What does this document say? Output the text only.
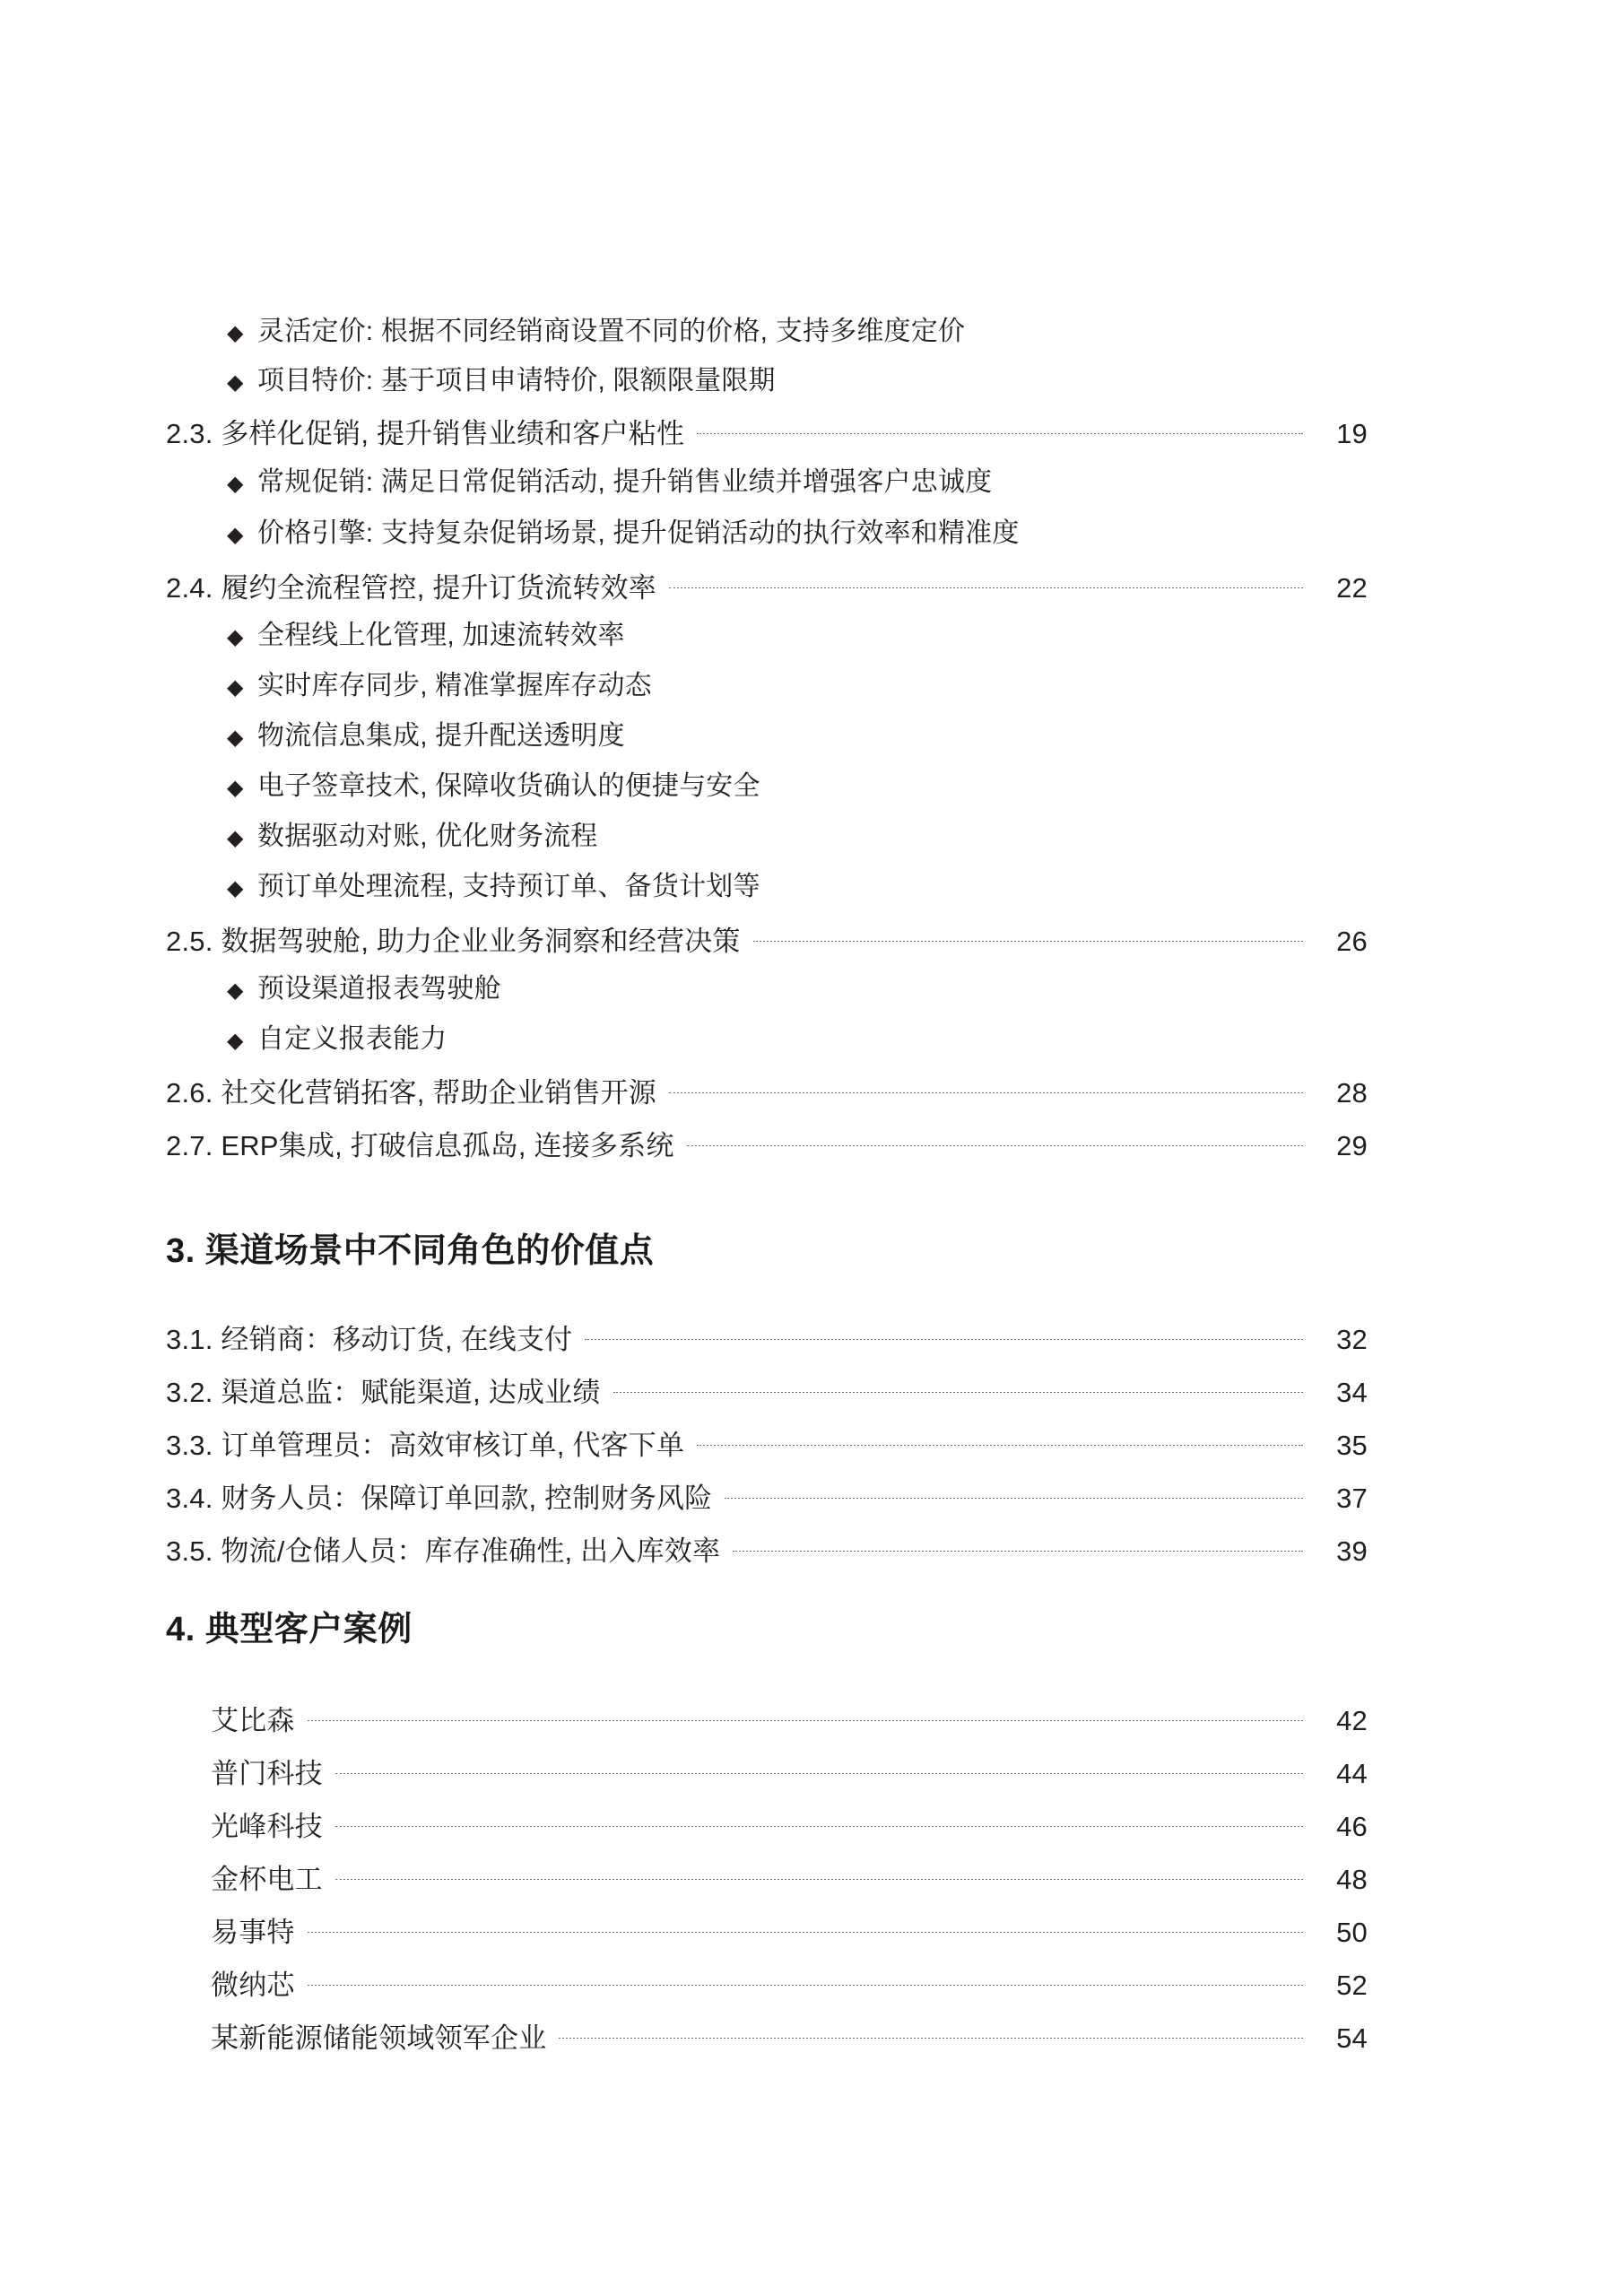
◆ 灵活定价: 根据不同经销商设置不同的价格, 支持多维度定价
◆ 项目特价: 基于项目申请特价, 限额限量限期
2.3. 多样化促销, 提升销售业绩和客户粘性	19
◆ 常规促销: 满足日常促销活动, 提升销售业绩并增强客户忠诚度
◆ 价格引擎: 支持复杂促销场景, 提升促销活动的执行效率和精准度
2.4. 履约全流程管控, 提升订货流转效率	22
◆ 全程线上化管理, 加速流转效率
◆ 实时库存同步, 精准掌握库存动态
◆ 物流信息集成, 提升配送透明度
◆ 电子签章技术, 保障收货确认的便捷与安全
◆ 数据驱动对账, 优化财务流程
◆ 预订单处理流程, 支持预订单、备货计划等
2.5. 数据驾驶舱, 助力企业业务洞察和经营决策	26
◆ 预设渠道报表驾驶舱
◆ 自定义报表能力
2.6. 社交化营销拓客, 帮助企业销售开源	28
2.7. ERP集成, 打破信息孤岛, 连接多系统	29
3. 渠道场景中不同角色的价值点
3.1. 经销商：移动订货, 在线支付	32
3.2. 渠道总监：赋能渠道, 达成业绩	34
3.3. 订单管理员：高效审核订单, 代客下单	35
3.4. 财务人员：保障订单回款, 控制财务风险	37
3.5. 物流/仓储人员：库存准确性, 出入库效率	39
4. 典型客户案例
艾比森	42
普门科技	44
光峰科技	46
金杯电工	48
易事特	50
微纳芯	52
某新能源储能领域领军企业	54
